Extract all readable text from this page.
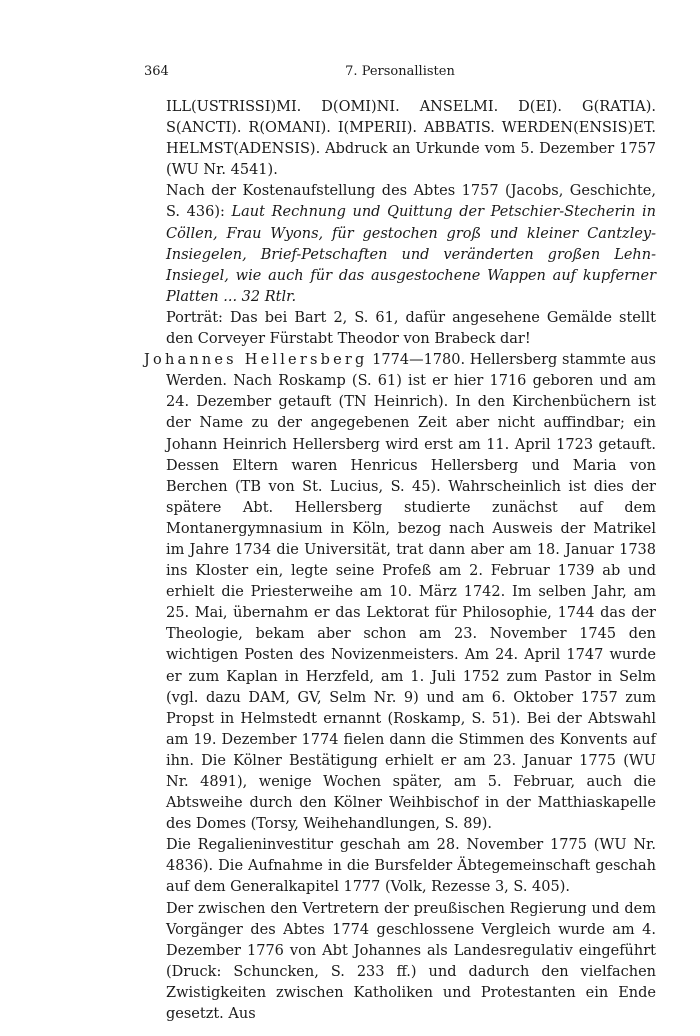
364	7. Personallisten

ILL(USTRISSI)MI. D(OMI)NI. ANSELMI. D(EI). G(RATIA). S(ANCTI). R(OMANI). I(MPERII). ABBATIS. WERDEN(ENSIS)ET. HELMST(ADENSIS). Abdruck an Urkunde vom 5. Dezember 1757 (WU Nr. 4541).

Nach der Kostenaufstellung des Abtes 1757 (Jacobs, Geschichte, S. 436): Laut Rechnung und Quittung der Petschier-Stecherin in Cöllen, Frau Wyons, für gestochen groß und kleiner Cantzley-Insiegelen, Brief-Petschaften und veränderten großen Lehn-Insiegel, wie auch für das ausgestochene Wappen auf kupferner Platten ... 32 Rtlr.

Porträt: Das bei Bart 2, S. 61, dafür angesehene Gemälde stellt den Corveyer Fürstabt Theodor von Brabeck dar!

Johannes Hellersberg 1774—1780. Hellersberg stammte aus Werden. Nach Roskamp (S. 61) ist er hier 1716 geboren und am 24. Dezember getauft (TN Heinrich). In den Kirchenbüchern ist der Name zu der angegebenen Zeit aber nicht auffindbar; ein Johann Heinrich Hellersberg wird erst am 11. April 1723 getauft. Dessen Eltern waren Henricus Hellersberg und Maria von Berchen (TB von St. Lucius, S. 45). Wahrscheinlich ist dies der spätere Abt. Hellersberg studierte zunächst auf dem Montanergymnasium in Köln, bezog nach Ausweis der Matrikel im Jahre 1734 die Universität, trat dann aber am 18. Januar 1738 ins Kloster ein, legte seine Profeß am 2. Februar 1739 ab und erhielt die Priesterweihe am 10. März 1742. Im selben Jahr, am 25. Mai, übernahm er das Lektorat für Philosophie, 1744 das der Theologie, bekam aber schon am 23. November 1745 den wichtigen Posten des Novizenmeisters. Am 24. April 1747 wurde er zum Kaplan in Herzfeld, am 1. Juli 1752 zum Pastor in Selm (vgl. dazu DAM, GV, Selm Nr. 9) und am 6. Oktober 1757 zum Propst in Helmstedt ernannt (Roskamp, S. 51). Bei der Abtswahl am 19. Dezember 1774 fielen dann die Stimmen des Konvents auf ihn. Die Kölner Bestätigung erhielt er am 23. Januar 1775 (WU Nr. 4891), wenige Wochen später, am 5. Februar, auch die Abtsweihe durch den Kölner Weihbischof in der Matthiaskapelle des Domes (Torsy, Weihehandlungen, S. 89).

Die Regalieninvestitur geschah am 28. November 1775 (WU Nr. 4836). Die Aufnahme in die Bursfelder Äbtegemeinschaft geschah auf dem Generalkapitel 1777 (Volk, Rezesse 3, S. 405).

Der zwischen den Vertretern der preußischen Regierung und dem Vorgänger des Abtes 1774 geschlossene Vergleich wurde am 4. Dezember 1776 von Abt Johannes als Landesregulativ eingeführt (Druck: Schuncken, S. 233 ff.) und dadurch den vielfachen Zwistigkeiten zwischen Katholiken und Protestanten ein Ende gesetzt. Aus
